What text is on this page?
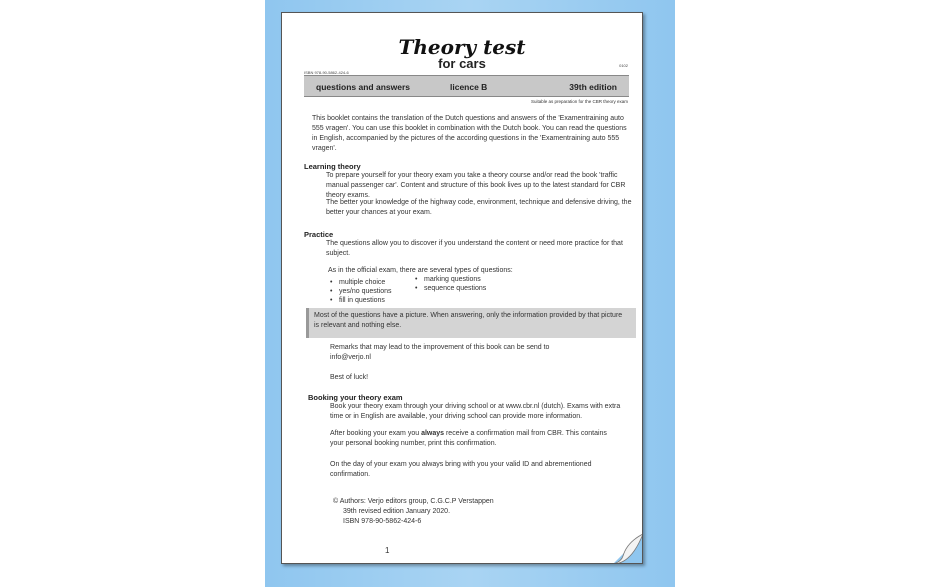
Theory test
for cars
ISBN 978-90-5862-424-6
0102
questions and answers	licence B	39th edition
Suitable as preparation for the CBR theory exam
This booklet contains the translation of the Dutch questions and answers of the 'Examentraining auto 555 vragen'. You can use this booklet in combination with the Dutch book. You can read the questions in English, accompanied by the pictures of the according questions in the 'Examentraining auto 555 vragen'.
Learning theory
To prepare yourself for your theory exam you take a theory course and/or read the book 'traffic manual passenger car'. Content and structure of this book lives up to the latest standard for CBR theory exams.
The better your knowledge of the highway code, environment, technique and defensive driving, the better your chances at your exam.
Practice
The questions allow you to discover if you understand the content or need more practice for that subject.
As in the official exam, there are several types of questions:
• multiple choice
• yes/no questions
• fill in questions
• marking questions
• sequence questions
Most of the questions have a picture. When answering, only the information provided by that picture is relevant and nothing else.
Remarks that may lead to the improvement of this book can be send to info@verjo.nl
Best of luck!
Booking your theory exam
Book your theory exam through your driving school or at www.cbr.nl (dutch). Exams with extra time or in English are available, your driving school can provide more information.
After booking your exam you always receive a confirmation mail from CBR. This contains your personal booking number, print this confirmation.
On the day of your exam you always bring with you your valid ID and abrementioned confirmation.
© Authors: Verjo editors group, C.G.C.P Verstappen
39th revised edition January 2020.
ISBN 978-90-5862-424-6
1
